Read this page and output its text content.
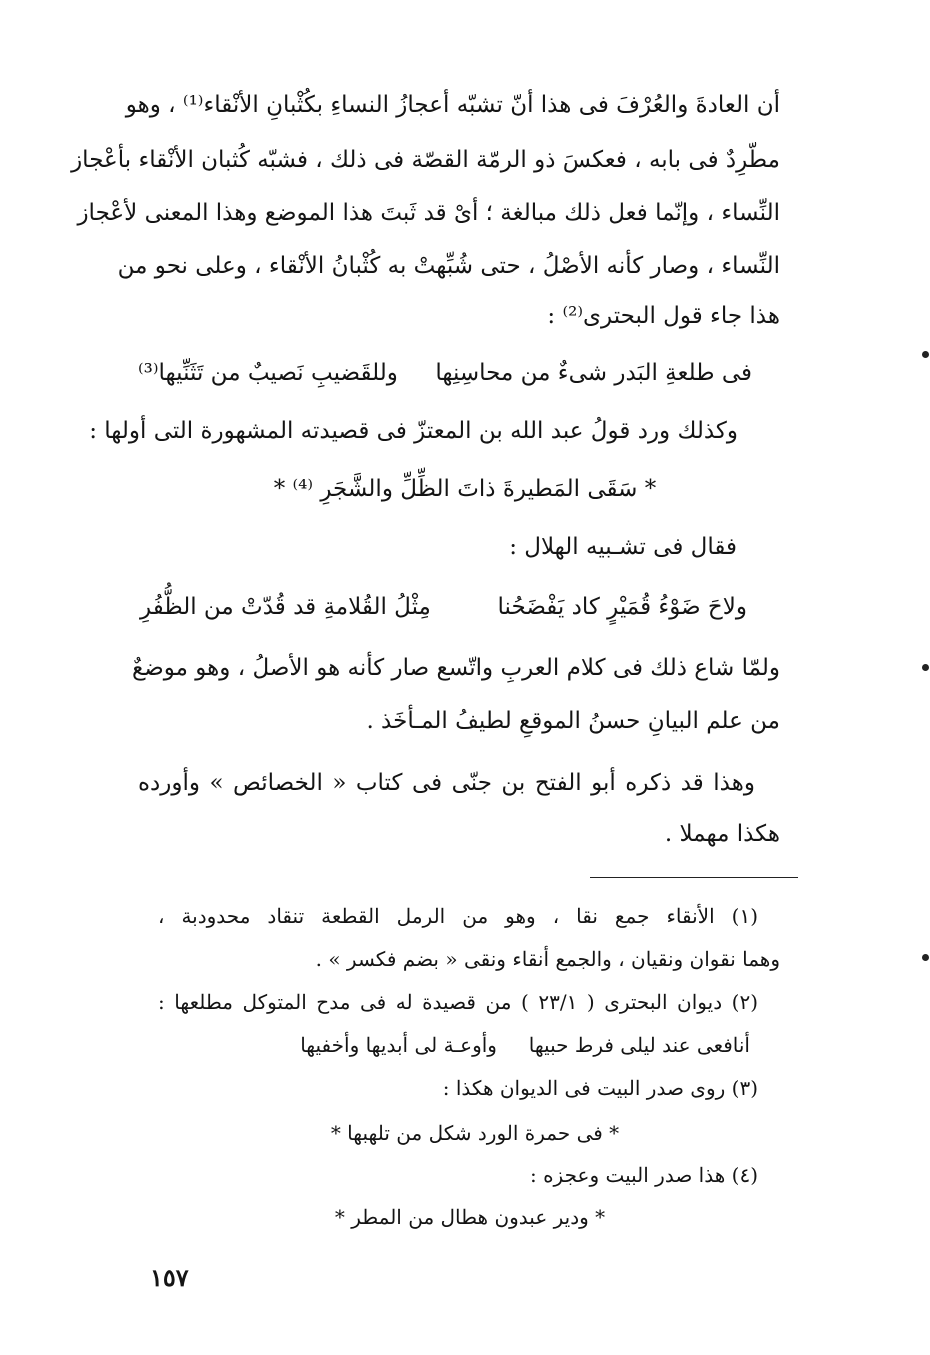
أن العادةَ والعُرْفَ فى هذا أنّ تشبّه أعجازُ النساءِ بكُثْبانِ الأنْقاء⁽¹⁾ ، وهو
مطّرِدٌ فى بابه ، فعكسَ ذو الرمّة القصّة فى ذلك ، فشبّه كُثبان الأنْقاء بأعْجاز
النِّساء ، وإنّما فعل ذلك مبالغة ؛ أىْ قد ثَبتَ هذا الموضع وهذا المعنى لأعْجاز
النِّساء ، وصار كأنه الأصْلُ ، حتى شُبِّهتْ به كُثْبانُ الأنْقاء ، وعلى نحو من
هذا جاء قول البحترى⁽²⁾ :
فى طلعةِ البَدر شىءٌ من محاسِنِها
وللقَضيبِ نَصيبٌ من تَثَنِّيها⁽³⁾
وكذلك ورد قولُ عبد الله بن المعتزّ فى قصيدته المشهورة التى أولها :
* سَقَى المَطيرةَ ذاتَ الظِّلِّ والشَّجَرِ ⁽⁴⁾ *
فقال فى تشـبيه الهلال :
ولاحَ ضَوْءُ قُمَيْرٍ كاد يَفْضَحُنا
مِثْلُ القُلامةِ قد قُدّتْ من الظُّفُرِ
ولمّا شاع ذلك فى كلام العربِ واتّسع صار كأنه هو الأصلُ ، وهو موضعٌ
من علم البيانِ حسنُ الموقعِ لطيفُ المـأخَذ .
وهذا قد ذكره أبو الفتح بن جنّى فى كتاب « الخصائص » وأورده
هكذا مهملا .
(١) الأنقاء جمع نقا ، وهو من الرمل القطعة تنقاد محدودبة ،
وهما نقوان ونقيان ، والجمع أنقاء ونقى « بضم فكسر » .
(٢) ديوان البحترى ( ٢٣/١ ) من قصيدة له فى مدح المتوكل مطلعها :
أنافعى عند ليلى فرط حبيها     وأوعـة لى أبديها وأخفيها
(٣) روى صدر البيت فى الديوان هكذا :
* فى حمرة الورد شكل من تلهبها *
(٤) هذا صدر البيت وعجزه :
* ودير عبدون هطال من المطر *
١٥٧
